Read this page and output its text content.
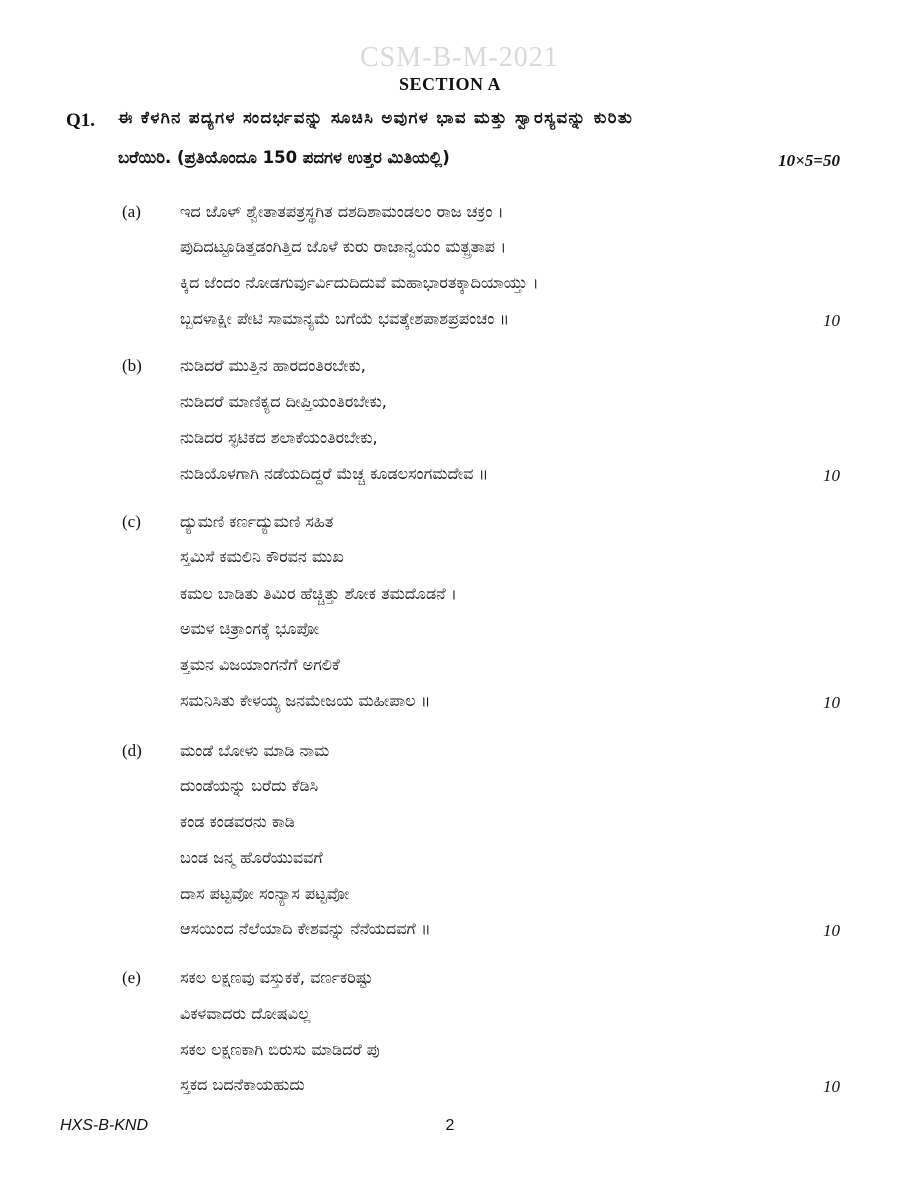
CSM-B-M-2021
SECTION A
Q1. ಈ ಕೆಳಗಿನ ಪದ್ಯಗಳ ಸಂದರ್ಭವನ್ನು ಸೂಚಿಸಿ ಅವುಗಳ ಭಾವ ಮತ್ತು ಸ್ವಾರಸ್ಯವನ್ನು ಕುರಿತು
ಬರೆಯಿರಿ. (ಪ್ರತಿಯೊಂದೂ 150 ಪದಗಳ ಉತ್ತರ ಮಿತಿಯಲ್ಲಿ)	10×5=50
(a) ಇದ ಜೊಳ್ ಶ್ವೇತಾತಪತ್ರಸ್ಥಗಿತ ದಶದಿಶಾಮಂಡಲಂ ರಾಜ ಚಕ್ರಂ ।
ಪುದಿದಟ್ಟೂಡಿತ್ತಡಂಗಿತ್ತಿದ ಜೊಳೆ ಕುರು ರಾಜಾನ್ವಯಂ ಮತ್ಪ್ರತಾಪ ।
ಕ್ಕಿದ ಜೆಂದಂ ನೋಡಗುರ್ವುರ್ವಿದುದಿದುವೆ ಮಹಾಭಾರತಕ್ಕಾದಿಯಾಯ್ತು ।
ಬ್ಬದಳಾಕ್ಷೀ ಪೇಟಿ ಸಾಮಾನ್ಯಮೆ ಬಗೆಯೆ ಭವತ್ಕೇಶಪಾಶಪ್ರಪಂಚಂ ॥	10
(b) ನುಡಿದರೆ ಮುತ್ತಿನ ಹಾರದಂತಿರಬೇಕು,
ನುಡಿದರೆ ಮಾಣಿಕ್ಯದ ದೀಪ್ತಿಯಂತಿರಬೇಕು,
ನುಡಿದರ ಸ್ಫಟಿಕದ ಶಲಾಕೆಯಂತಿರಬೇಕು,
ನುಡಿಯೊಳಗಾಗಿ ನಡೆಯದಿದ್ದರೆ ಮೆಚ್ಚ ಕೂಡಲಸಂಗಮದೇವ ॥	10
(c) ದ್ಯುಮಣಿ ಕರ್ಣದ್ಯುಮಣಿ ಸಹಿತ
ಸ್ತಮಿಸೆ ಕಮಲಿನಿ ಕೌರವನ ಮುಖ
ಕಮಲ ಬಾಡಿತು ತಿಮಿರ ಹೆಚ್ಚಿತ್ತು ಶೋಕ ತಮದೊಡನೆ ।
ಅಮಳ ಚಿತ್ರಾಂಗಕ್ಕೆ ಭೂಪೋ
ತ್ತಮನ ವಿಜಯಾಂಗನೆಗೆ ಅಗಲಿಕೆ
ಸಮನಿಸಿತು ಕೇಳಯ್ಯ ಜನಮೇಜಯ ಮಹೀಪಾಲ ॥	10
(d) ಮಂಡೆ ಬೋಳು ಮಾಡಿ ನಾಮ
ದುಂಡೆಯನ್ನು ಬರೆದು ಕೆಡಿಸಿ
ಕಂಡ ಕಂಡವರನು ಕಾಡಿ
ಬಂಡ ಜನ್ಮ ಹೊರೆಯುವವಗೆ
ದಾಸ ಪಟ್ಟವೋ ಸಂನ್ಯಾಸ ಪಟ್ಟವೋ
ಆಸಯಿಂದ ನೆಲೆಯಾದಿ ಕೇಶವನ್ನು ನೆನೆಯದವಗೆ ॥	10
(e) ಸಕಲ ಲಕ್ಷಣವು ವಸ್ತುಕಕೆ, ವರ್ಣಕರಿಷ್ಟು
ವಿಕಳವಾದರು ದೋಷವಿಲ್ಲ
ಸಕಲ ಲಕ್ಷಣಕಾಗಿ ಬಿರುಸು ಮಾಡಿದರೆ ಪು
ಸ್ತಕದ ಬದನೆಕಾಯಹುದು	10
HXS-B-KND	2
